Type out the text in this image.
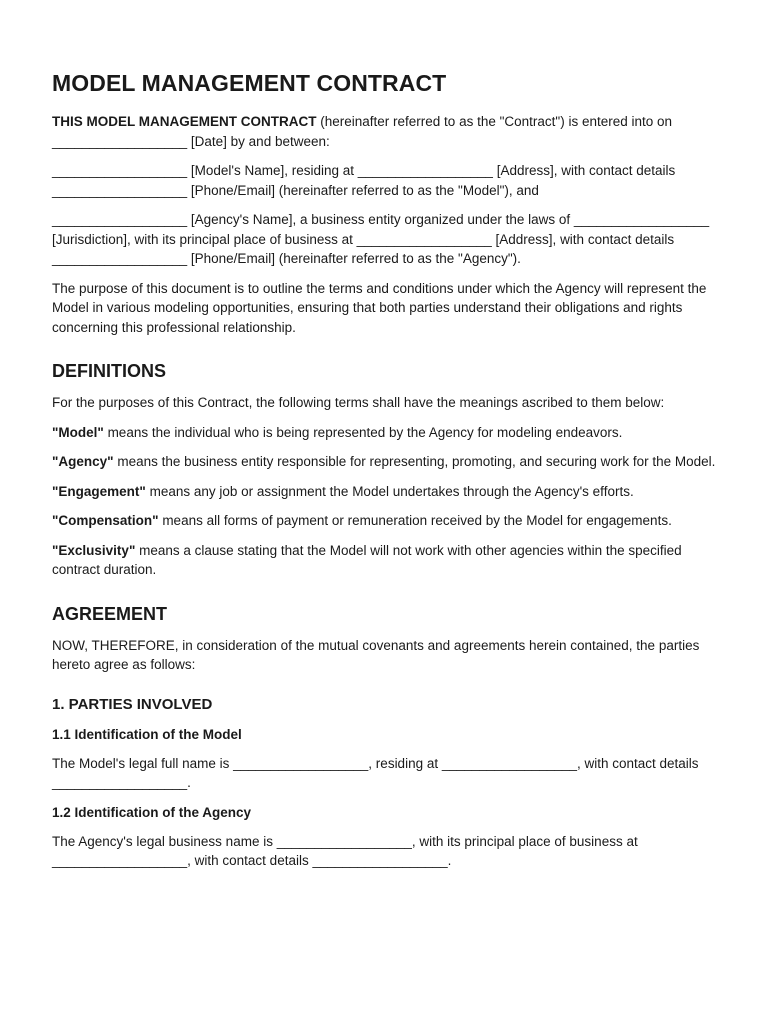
MODEL MANAGEMENT CONTRACT

THIS MODEL MANAGEMENT CONTRACT (hereinafter referred to as the "Contract") is entered into on __________________ [Date] by and between:

__________________ [Model's Name], residing at __________________ [Address], with contact details __________________ [Phone/Email] (hereinafter referred to as the "Model"), and

__________________ [Agency's Name], a business entity organized under the laws of __________________ [Jurisdiction], with its principal place of business at __________________ [Address], with contact details __________________ [Phone/Email] (hereinafter referred to as the "Agency").

The purpose of this document is to outline the terms and conditions under which the Agency will represent the Model in various modeling opportunities, ensuring that both parties understand their obligations and rights concerning this professional relationship.

DEFINITIONS

For the purposes of this Contract, the following terms shall have the meanings ascribed to them below:

"Model" means the individual who is being represented by the Agency for modeling endeavors.

"Agency" means the business entity responsible for representing, promoting, and securing work for the Model.

"Engagement" means any job or assignment the Model undertakes through the Agency's efforts.

"Compensation" means all forms of payment or remuneration received by the Model for engagements.

"Exclusivity" means a clause stating that the Model will not work with other agencies within the specified contract duration.

AGREEMENT

NOW, THEREFORE, in consideration of the mutual covenants and agreements herein contained, the parties hereto agree as follows:

1. PARTIES INVOLVED
1.1 Identification of the Model

The Model's legal full name is __________________, residing at __________________, with contact details __________________.

1.2 Identification of the Agency

The Agency's legal business name is __________________, with its principal place of business at __________________, with contact details __________________.
